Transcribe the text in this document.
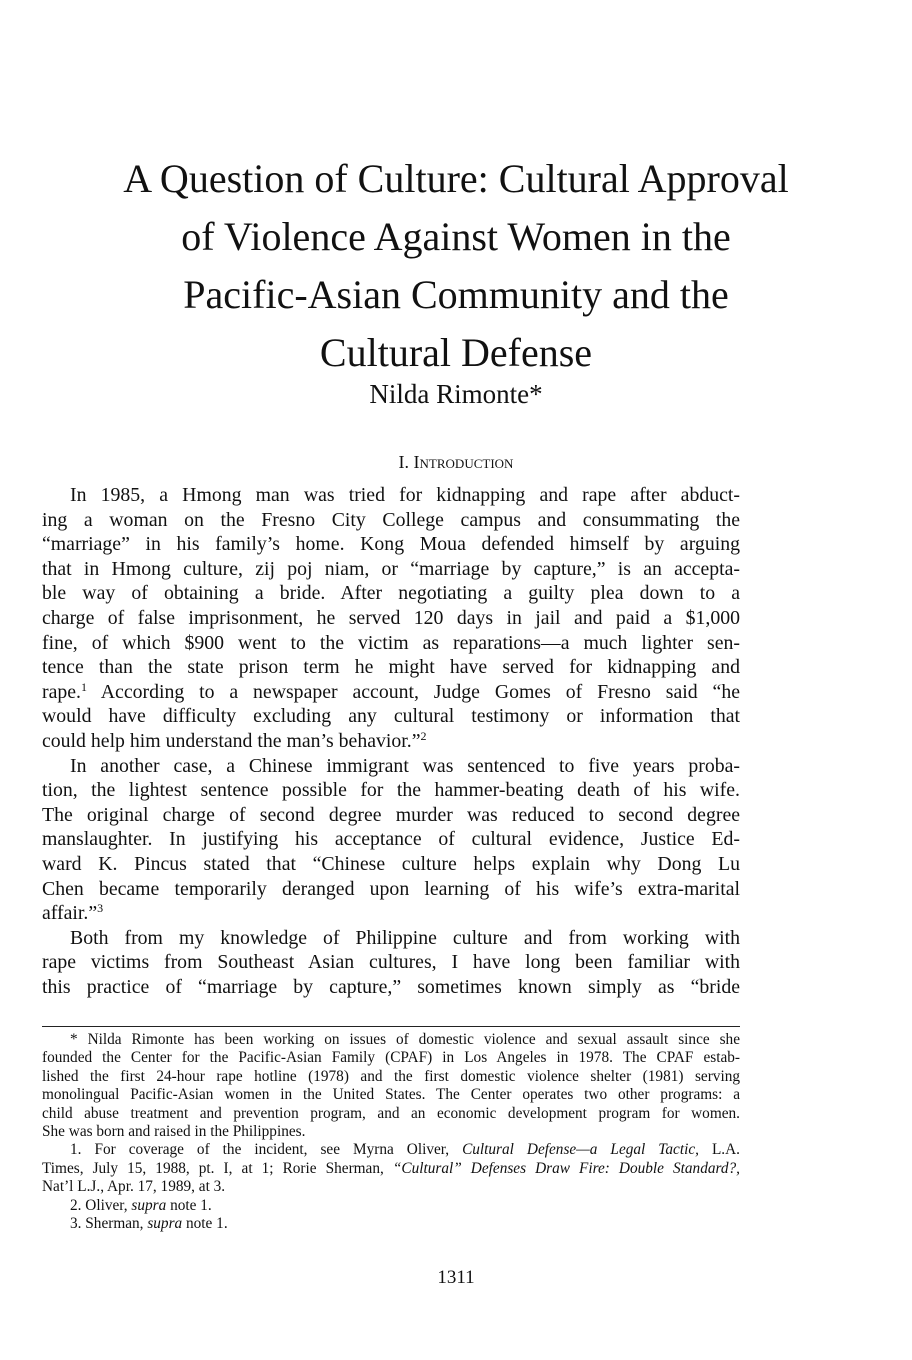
A Question of Culture: Cultural Approval
of Violence Against Women in the
Pacific-Asian Community and the
Cultural Defense
Nilda Rimonte*
I. Introduction

In 1985, a Hmong man was tried for kidnapping and rape after abduct-
ing a woman on the Fresno City College campus and consummating the
“marriage” in his family’s home. Kong Moua defended himself by arguing
that in Hmong culture, zij poj niam, or “marriage by capture,” is an accepta-
ble way of obtaining a bride. After negotiating a guilty plea down to a
charge of false imprisonment, he served 120 days in jail and paid a $1,000
fine, of which $900 went to the victim as reparations—a much lighter sen-
tence than the state prison term he might have served for kidnapping and
rape.$^1$ According to a newspaper account, Judge Gomes of Fresno said “he
would have difficulty excluding any cultural testimony or information that
could help him understand the man’s behavior.”$^2$

In another case, a Chinese immigrant was sentenced to five years proba-
tion, the lightest sentence possible for the hammer-beating death of his wife.
The original charge of second degree murder was reduced to second degree
manslaughter. In justifying his acceptance of cultural evidence, Justice Ed-
ward K. Pincus stated that “Chinese culture helps explain why Dong Lu
Chen became temporarily deranged upon learning of his wife’s extra-marital
affair.”$^3$

Both from my knowledge of Philippine culture and from working with
rape victims from Southeast Asian cultures, I have long been familiar with
this practice of “marriage by capture,” sometimes known simply as “bride

* Nilda Rimonte has been working on issues of domestic violence and sexual assault since she
founded the Center for the Pacific-Asian Family (CPAF) in Los Angeles in 1978. The CPAF estab-
lished the first 24-hour rape hotline (1978) and the first domestic violence shelter (1981) serving
monolingual Pacific-Asian women in the United States. The Center operates two other programs: a
child abuse treatment and prevention program, and an economic development program for women.
She was born and raised in the Philippines.

1. For coverage of the incident, see Myrna Oliver, Cultural Defense—a Legal Tactic, L.A.
Times, July 15, 1988, pt. I, at 1; Rorie Sherman, “Cultural” Defenses Draw Fire: Double Standard?,
Nat’l L.J., Apr. 17, 1989, at 3.

2. Oliver, supra note 1.

3. Sherman, supra note 1.

1311
